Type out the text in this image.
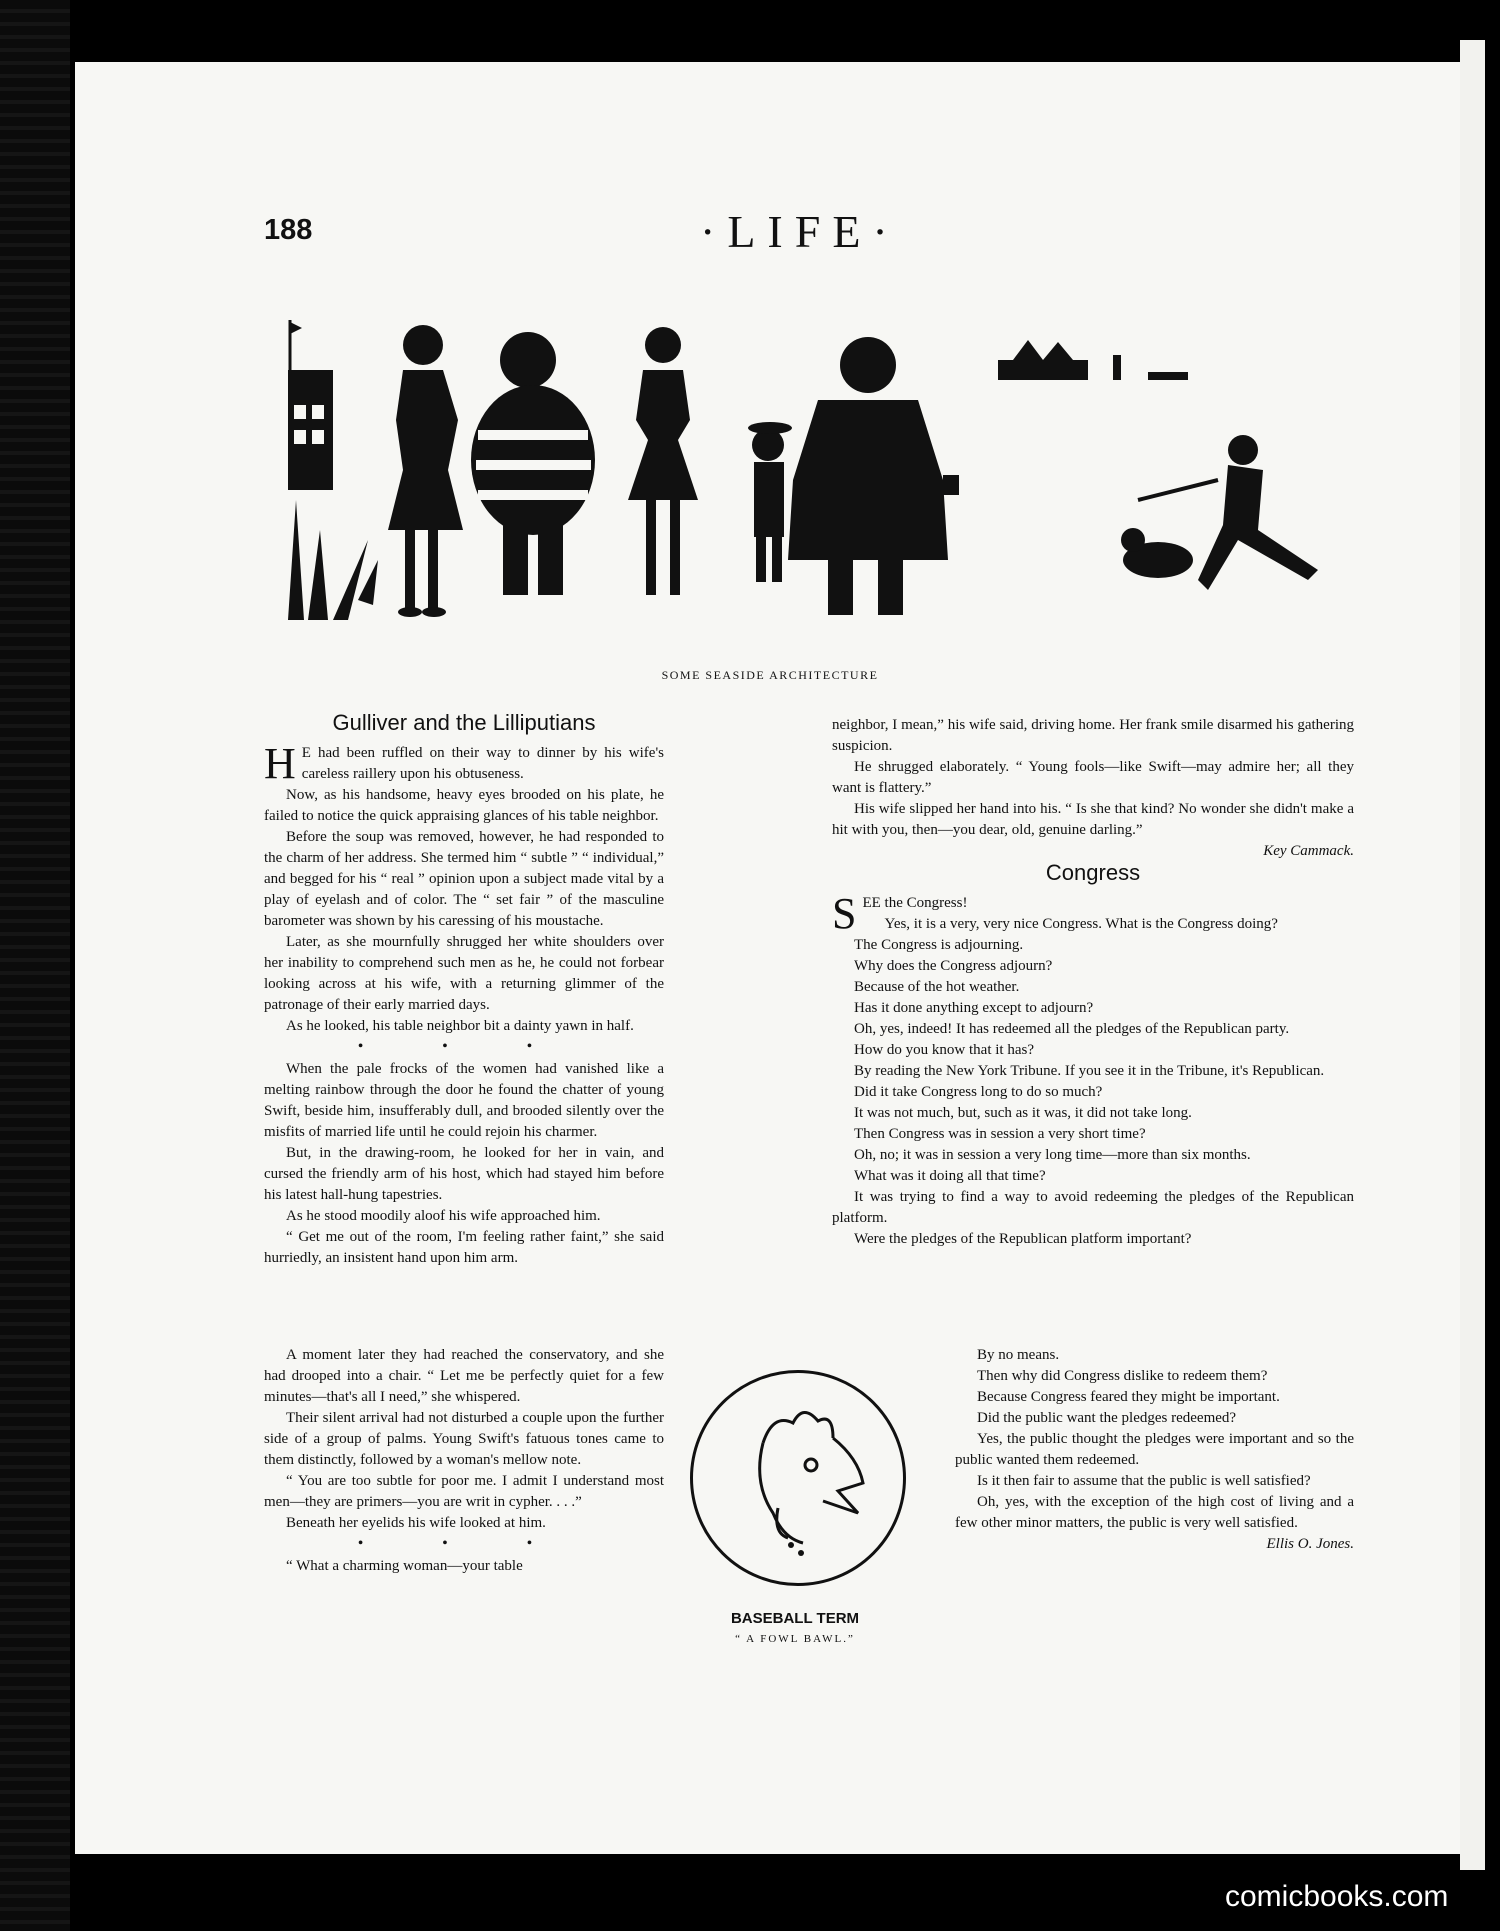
188	·LIFE·
SOME SEASIDE ARCHITECTURE
Gulliver and the Lilliputians

H E had been ruffled on their way to dinner by his wife's careless raillery upon his obtuseness.

Now, as his handsome, heavy eyes brooded on his plate, he failed to notice the quick appraising glances of his table neighbor.

Before the soup was removed, however, he had responded to the charm of her address. She termed him “ subtle ” “ individual,” and begged for his “ real ” opinion upon a subject made vital by a play of eyelash and of color. The “ set fair ” of the masculine barometer was shown by his caressing of his moustache.

Later, as she mournfully shrugged her white shoulders over her inability to comprehend such men as he, he could not forbear looking across at his wife, with a returning glimmer of the patronage of their early married days.

As he looked, his table neighbor bit a dainty yawn in half.

• • •

When the pale frocks of the women had vanished like a melting rainbow through the door he found the chatter of young Swift, beside him, insufferably dull, and brooded silently over the misfits of married life until he could rejoin his charmer.

But, in the drawing-room, he looked for her in vain, and cursed the friendly arm of his host, which had stayed him before his latest hall-hung tapestries.

As he stood moodily aloof his wife approached him.

“ Get me out of the room, I'm feeling rather faint,” she said hurriedly, an insistent hand upon him arm.

A moment later they had reached the conservatory, and she had drooped into a chair. “ Let me be perfectly quiet for a few minutes—that's all I need,” she whispered.

Their silent arrival had not disturbed a couple upon the further side of a group of palms. Young Swift's fatuous tones came to them distinctly, followed by a woman's mellow note.

“ You are too subtle for poor me. I admit I understand most men—they are primers—you are writ in cypher. . . .”

Beneath her eyelids his wife looked at him.

• • •

“ What a charming woman—your table

neighbor, I mean,” his wife said, driving home. Her frank smile disarmed his gathering suspicion.

He shrugged elaborately. “ Young fools—like Swift—may admire her; all they want is flattery.”

His wife slipped her hand into his. “ Is she that kind? No wonder she didn't make a hit with you, then—you dear, old, genuine darling.”

Key Cammack.
Congress

SEE the Congress!

Yes, it is a very, very nice Congress. What is the Congress doing?

The Congress is adjourning.

Why does the Congress adjourn?

Because of the hot weather.

Has it done anything except to adjourn?

Oh, yes, indeed! It has redeemed all the pledges of the Republican party.

How do you know that it has?

By reading the New York Tribune. If you see it in the Tribune, it's Republican.

Did it take Congress long to do so much?

It was not much, but, such as it was, it did not take long.

Then Congress was in session a very short time?

Oh, no; it was in session a very long time—more than six months.

What was it doing all that time?

It was trying to find a way to avoid redeeming the pledges of the Republican platform.

Were the pledges of the Republican platform important?

By no means.

Then why did Congress dislike to redeem them?

Because Congress feared they might be important.

Did the public want the pledges redeemed?

Yes, the public thought the pledges were important and so the public wanted them redeemed.

Is it then fair to assume that the public is well satisfied?

Oh, yes, with the exception of the high cost of living and a few other minor matters, the public is very well satisfied.

Ellis O. Jones.
BASEBALL TERM
“ A FOWL BAWL.”
comicbooks.com
